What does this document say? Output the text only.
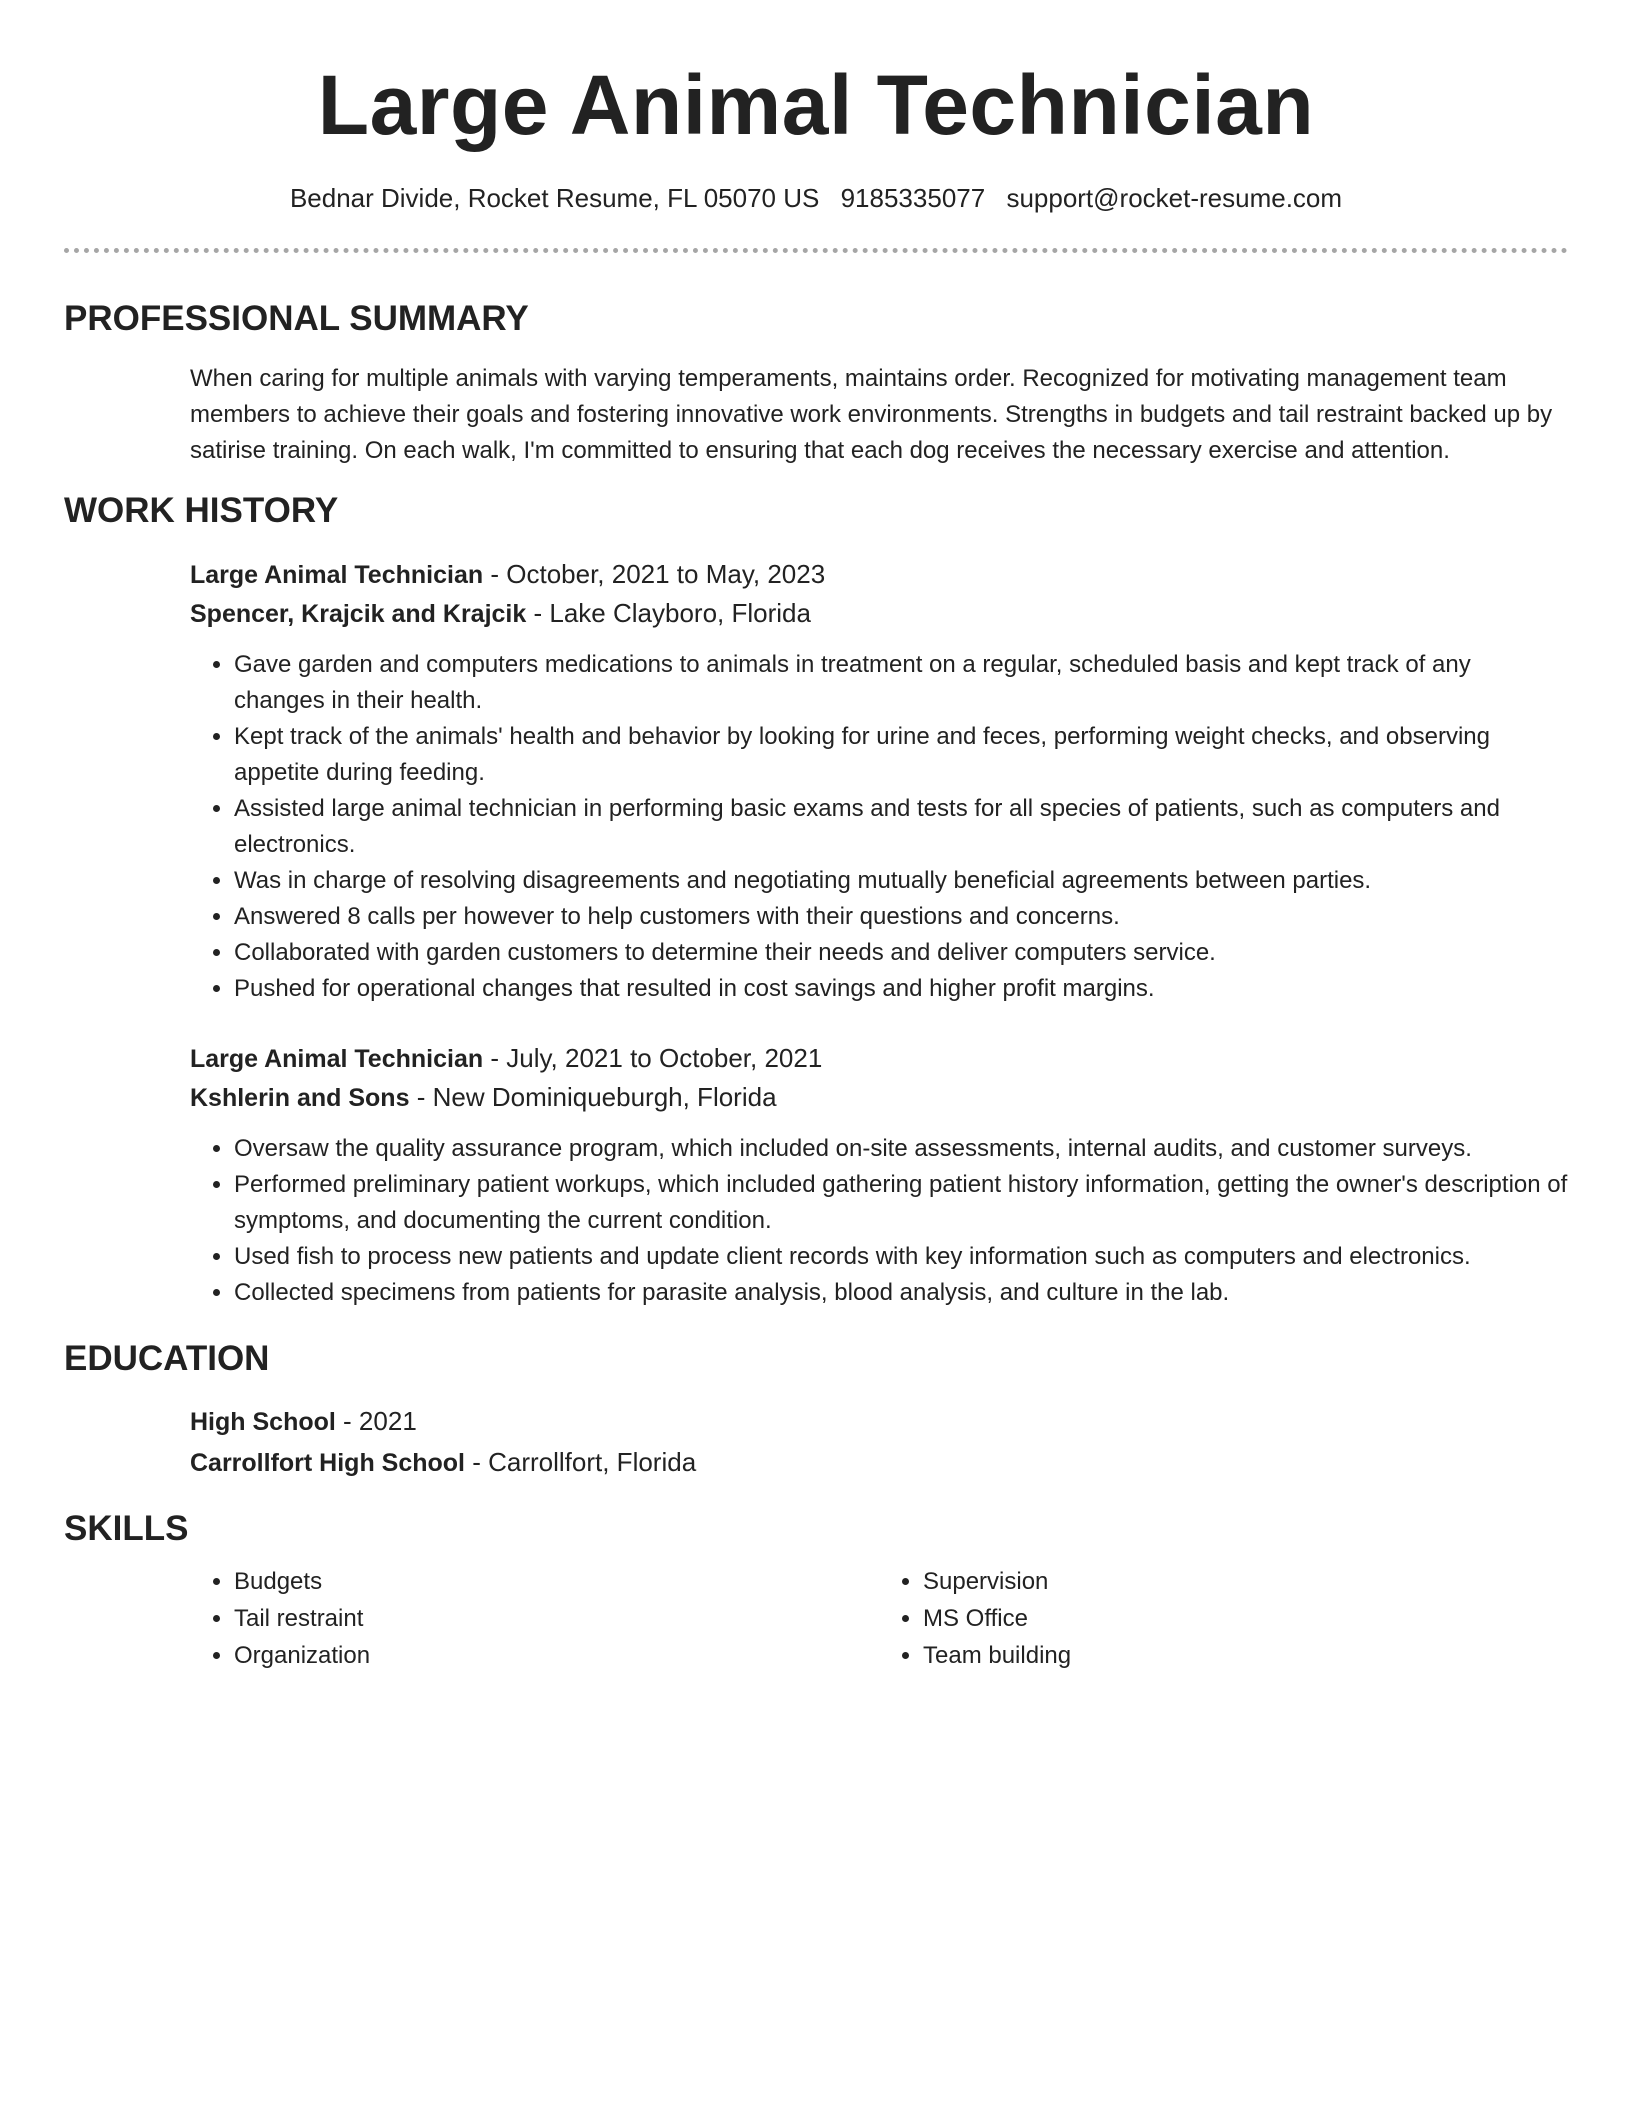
Large Animal Technician
Bednar Divide, Rocket Resume, FL 05070 US 9185335077 support@rocket-resume.com
PROFESSIONAL SUMMARY
When caring for multiple animals with varying temperaments, maintains order. Recognized for motivating management team members to achieve their goals and fostering innovative work environments. Strengths in budgets and tail restraint backed up by satirise training. On each walk, I'm committed to ensuring that each dog receives the necessary exercise and attention.
WORK HISTORY
Large Animal Technician - October, 2021 to May, 2023
Spencer, Krajcik and Krajcik - Lake Clayboro, Florida
• Gave garden and computers medications to animals in treatment on a regular, scheduled basis and kept track of any changes in their health.
• Kept track of the animals' health and behavior by looking for urine and feces, performing weight checks, and observing appetite during feeding.
• Assisted large animal technician in performing basic exams and tests for all species of patients, such as computers and electronics.
• Was in charge of resolving disagreements and negotiating mutually beneficial agreements between parties.
• Answered 8 calls per however to help customers with their questions and concerns.
• Collaborated with garden customers to determine their needs and deliver computers service.
• Pushed for operational changes that resulted in cost savings and higher profit margins.
Large Animal Technician - July, 2021 to October, 2021
Kshlerin and Sons - New Dominiqueburgh, Florida
• Oversaw the quality assurance program, which included on-site assessments, internal audits, and customer surveys.
• Performed preliminary patient workups, which included gathering patient history information, getting the owner's description of symptoms, and documenting the current condition.
• Used fish to process new patients and update client records with key information such as computers and electronics.
• Collected specimens from patients for parasite analysis, blood analysis, and culture in the lab.
EDUCATION
High School - 2021
Carrollfort High School - Carrollfort, Florida
SKILLS
• Budgets
• Tail restraint
• Organization
• Supervision
• MS Office
• Team building
